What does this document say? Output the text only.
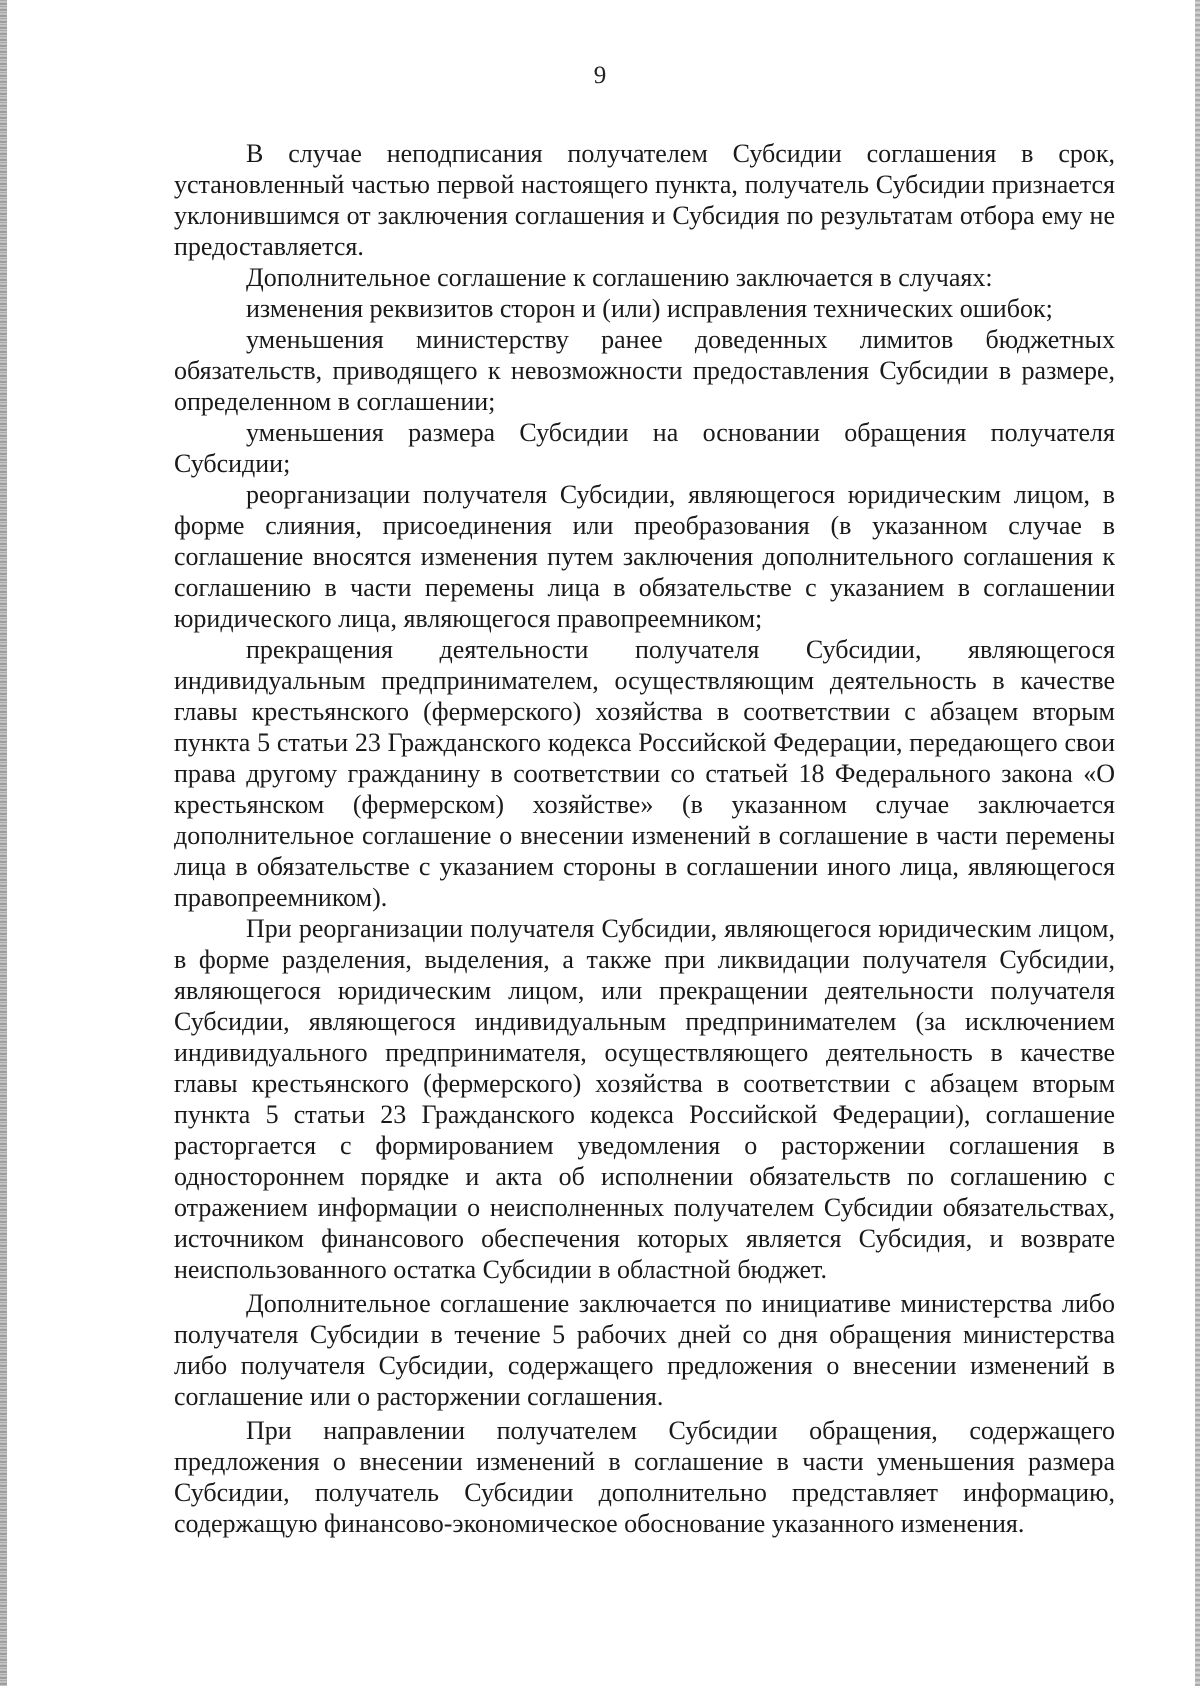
9

В случае неподписания получателем Субсидии соглашения в срок, установленный частью первой настоящего пункта, получатель Субсидии признается уклонившимся от заключения соглашения и Субсидия по результатам отбора ему не предоставляется.

Дополнительное соглашение к соглашению заключается в случаях:

изменения реквизитов сторон и (или) исправления технических ошибок;

уменьшения министерству ранее доведенных лимитов бюджетных обязательств, приводящего к невозможности предоставления Субсидии в размере, определенном в соглашении;

уменьшения размера Субсидии на основании обращения получателя Субсидии;

реорганизации получателя Субсидии, являющегося юридическим лицом, в форме слияния, присоединения или преобразования (в указанном случае в соглашение вносятся изменения путем заключения дополнительного соглашения к соглашению в части перемены лица в обязательстве с указанием в соглашении юридического лица, являющегося правопреемником;

прекращения деятельности получателя Субсидии, являющегося индивидуальным предпринимателем, осуществляющим деятельность в качестве главы крестьянского (фермерского) хозяйства в соответствии с абзацем вторым пункта 5 статьи 23 Гражданского кодекса Российской Федерации, передающего свои права другому гражданину в соответствии со статьей 18 Федерального закона «О крестьянском (фермерском) хозяйстве» (в указанном случае заключается дополнительное соглашение о внесении изменений в соглашение в части перемены лица в обязательстве с указанием стороны в соглашении иного лица, являющегося правопреемником).

При реорганизации получателя Субсидии, являющегося юридическим лицом, в форме разделения, выделения, а также при ликвидации получателя Субсидии, являющегося юридическим лицом, или прекращении деятельности получателя Субсидии, являющегося индивидуальным предпринимателем (за исключением индивидуального предпринимателя, осуществляющего деятельность в качестве главы крестьянского (фермерского) хозяйства в соответствии с абзацем вторым пункта 5 статьи 23 Гражданского кодекса Российской Федерации), соглашение расторгается с формированием уведомления о расторжении соглашения в одностороннем порядке и акта об исполнении обязательств по соглашению с отражением информации о неисполненных получателем Субсидии обязательствах, источником финансового обеспечения которых является Субсидия, и возврате неиспользованного остатка Субсидии в областной бюджет.

Дополнительное соглашение заключается по инициативе министерства либо получателя Субсидии в течение 5 рабочих дней со дня обращения министерства либо получателя Субсидии, содержащего предложения о внесении изменений в соглашение или о расторжении соглашения.

При направлении получателем Субсидии обращения, содержащего предложения о внесении изменений в соглашение в части уменьшения размера Субсидии, получатель Субсидии дополнительно представляет информацию, содержащую финансово-экономическое обоснование указанного изменения.
